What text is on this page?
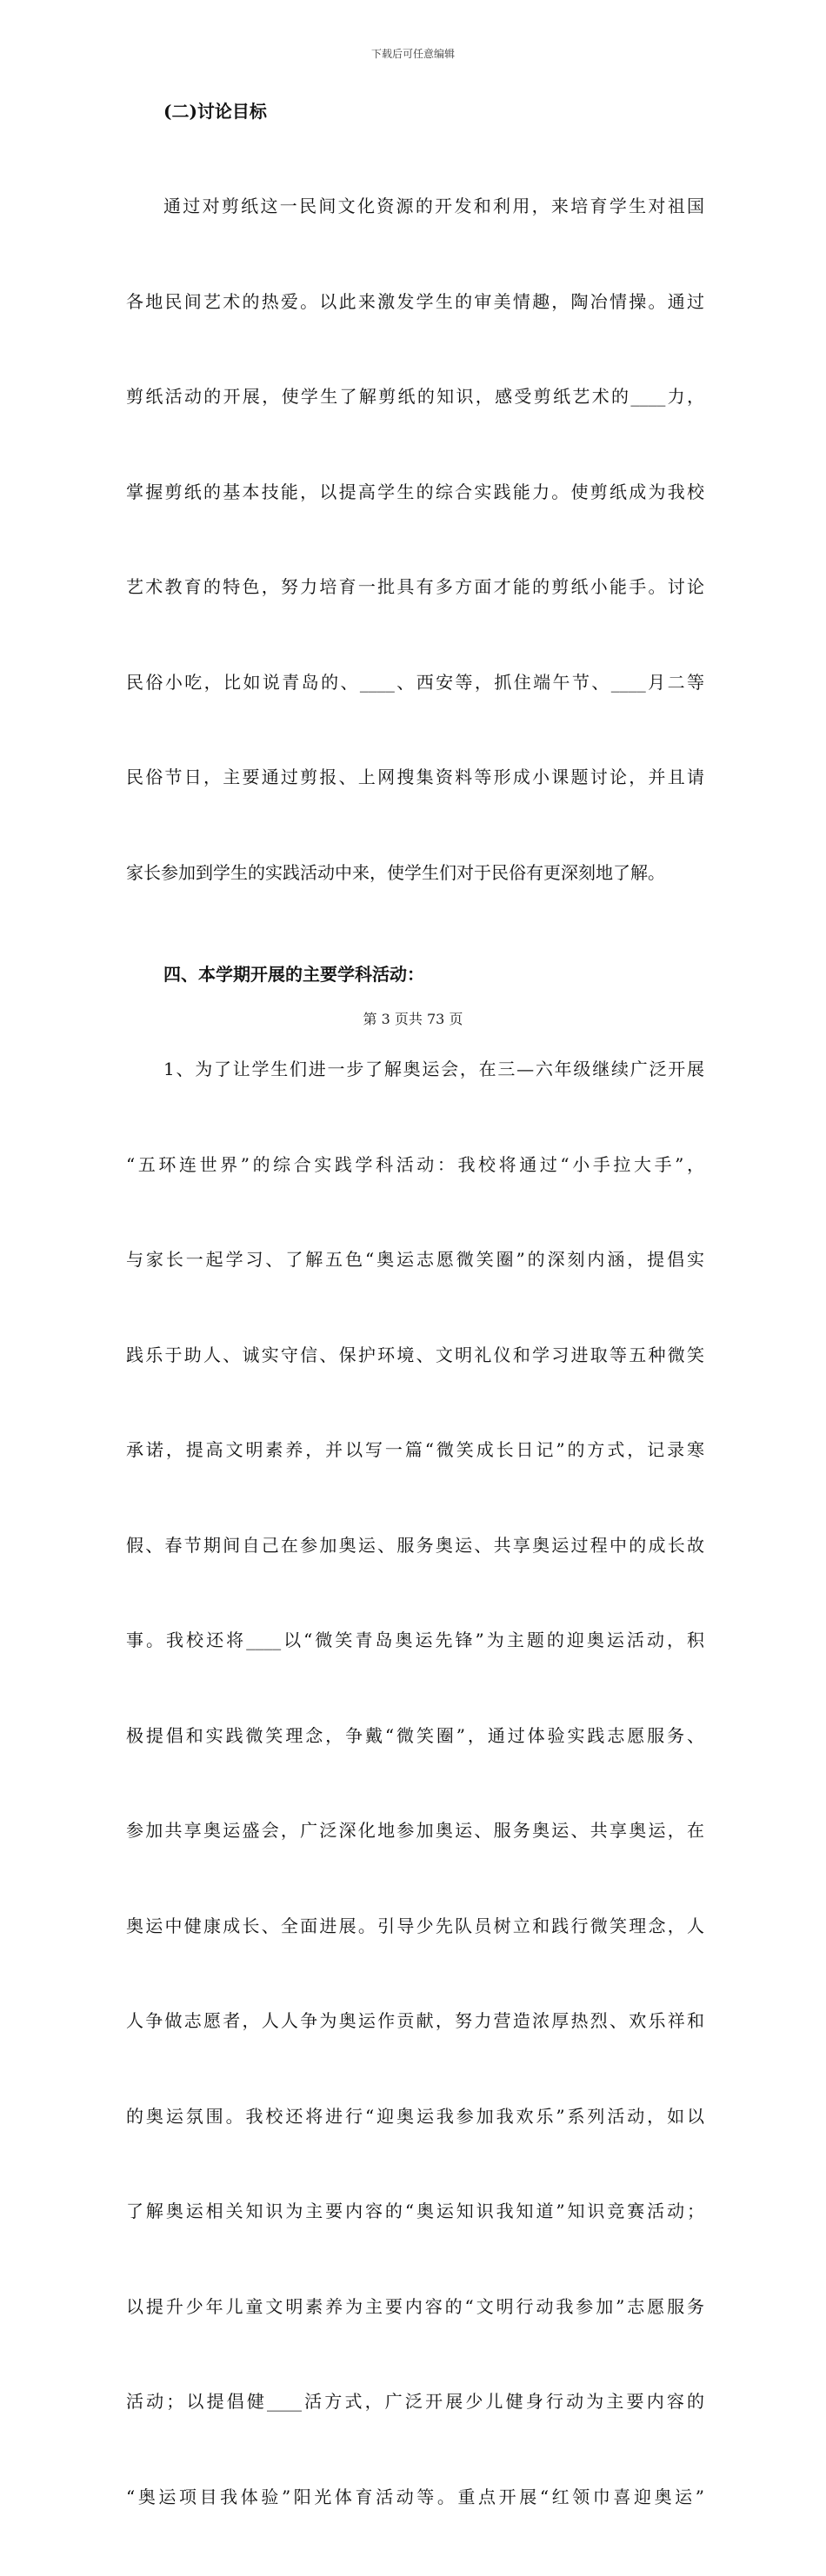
下载后可任意编辑
(二)讨论目标

通过对剪纸这一民间文化资源的开发和利用，来培育学生对祖国

各地民间艺术的热爱。以此来激发学生的审美情趣，陶冶情操。通过

剪纸活动的开展，使学生了解剪纸的知识，感受剪纸艺术的____力，

掌握剪纸的基本技能，以提高学生的综合实践能力。使剪纸成为我校

艺术教育的特色，努力培育一批具有多方面才能的剪纸小能手。讨论

民俗小吃，比如说青岛的、____、西安等，抓住端午节、____月二等

民俗节日，主要通过剪报、上网搜集资料等形成小课题讨论，并且请

家长参加到学生的实践活动中来，使学生们对于民俗有更深刻地了解。

四、本学期开展的主要学科活动：

1、为了让学生们进一步了解奥运会，在三—六年级继续广泛开展

“五环连世界”的综合实践学科活动：我校将通过“小手拉大手”，

与家长一起学习、了解五色“奥运志愿微笑圈”的深刻内涵，提倡实

践乐于助人、诚实守信、保护环境、文明礼仪和学习进取等五种微笑

承诺，提高文明素养，并以写一篇“微笑成长日记”的方式，记录寒

假、春节期间自己在参加奥运、服务奥运、共享奥运过程中的成长故

事。我校还将____以“微笑青岛奥运先锋”为主题的迎奥运活动，积

极提倡和实践微笑理念，争戴“微笑圈”，通过体验实践志愿服务、

参加共享奥运盛会，广泛深化地参加奥运、服务奥运、共享奥运，在

奥运中健康成长、全面进展。引导少先队员树立和践行微笑理念，人

人争做志愿者，人人争为奥运作贡献，努力营造浓厚热烈、欢乐祥和

的奥运氛围。我校还将进行“迎奥运我参加我欢乐”系列活动，如以

了解奥运相关知识为主要内容的“奥运知识我知道”知识竞赛活动；

以提升少年儿童文明素养为主要内容的“文明行动我参加”志愿服务

活动；以提倡健____活方式，广泛开展少儿健身行动为主要内容的

“奥运项目我体验”阳光体育活动等。重点开展“红领巾喜迎奥运”

第 3 页共 73 页
